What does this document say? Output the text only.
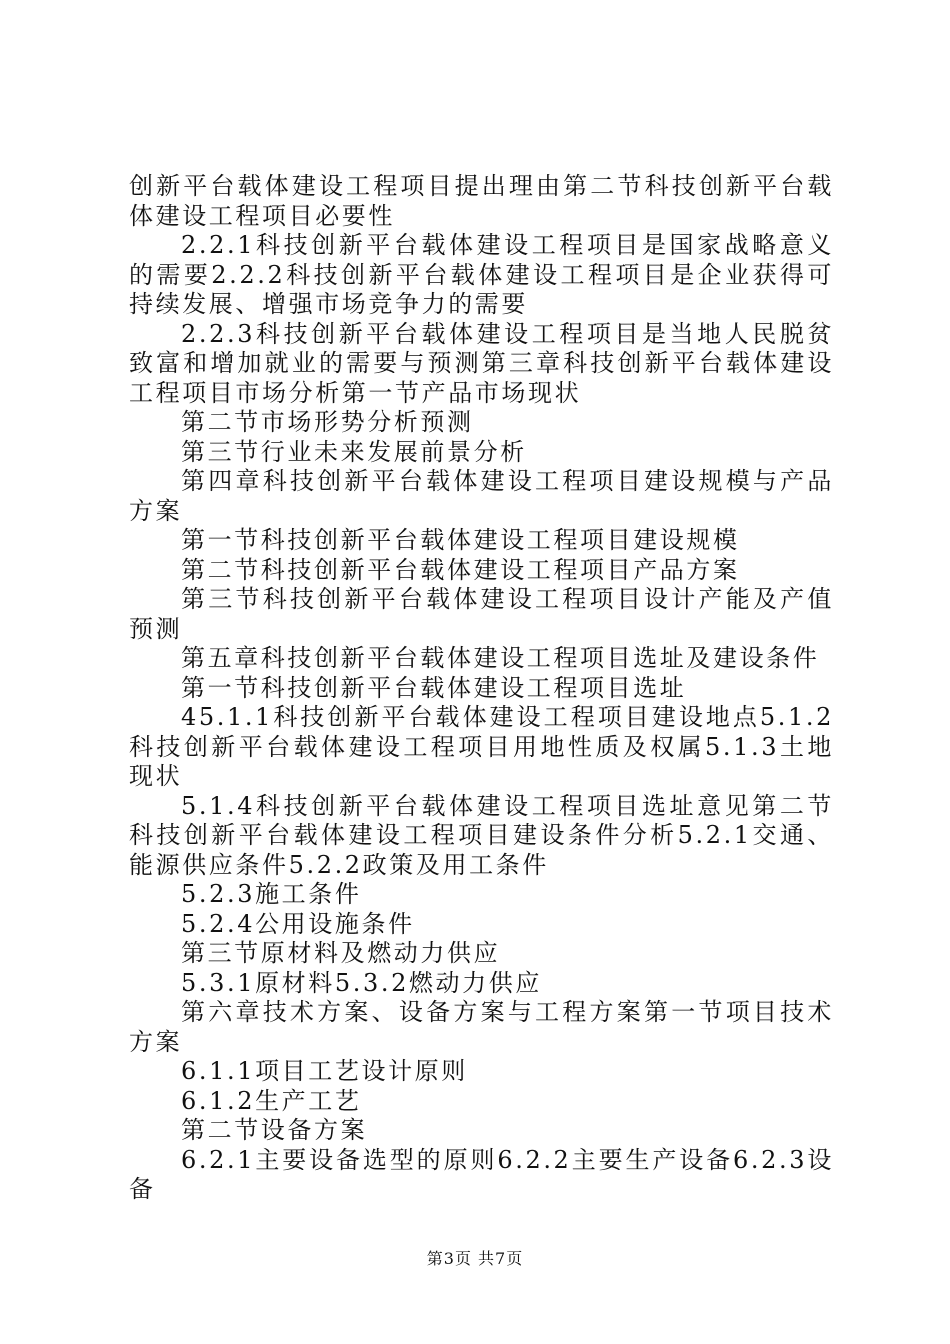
创新平台载体建设工程项目提出理由第二节科技创新平台载体建设工程项目必要性

2.2.1科技创新平台载体建设工程项目是国家战略意义的需要2.2.2科技创新平台载体建设工程项目是企业获得可持续发展、增强市场竞争力的需要

2.2.3科技创新平台载体建设工程项目是当地人民脱贫致富和增加就业的需要与预测第三章科技创新平台载体建设工程项目市场分析第一节产品市场现状

第二节市场形势分析预测

第三节行业未来发展前景分析

第四章科技创新平台载体建设工程项目建设规模与产品方案

第一节科技创新平台载体建设工程项目建设规模

第二节科技创新平台载体建设工程项目产品方案

第三节科技创新平台载体建设工程项目设计产能及产值预测

第五章科技创新平台载体建设工程项目选址及建设条件

第一节科技创新平台载体建设工程项目选址

45.1.1科技创新平台载体建设工程项目建设地点5.1.2科技创新平台载体建设工程项目用地性质及权属5.1.3土地现状

5.1.4科技创新平台载体建设工程项目选址意见第二节科技创新平台载体建设工程项目建设条件分析5.2.1交通、能源供应条件5.2.2政策及用工条件

5.2.3施工条件

5.2.4公用设施条件

第三节原材料及燃动力供应

5.3.1原材料5.3.2燃动力供应

第六章技术方案、设备方案与工程方案第一节项目技术方案

6.1.1项目工艺设计原则

6.1.2生产工艺

第二节设备方案

6.2.1主要设备选型的原则6.2.2主要生产设备6.2.3设备

第3页 共7页
